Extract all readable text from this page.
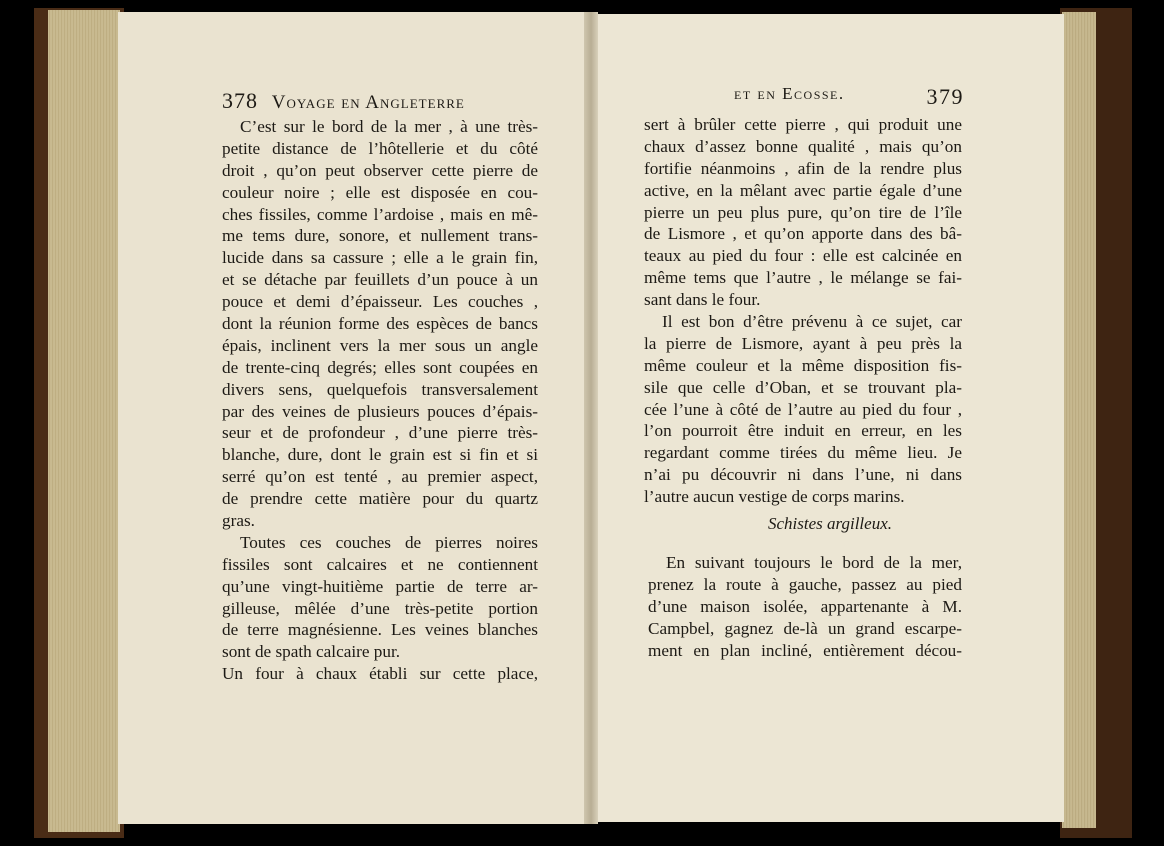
378 Voyage en Angleterre	et en Ecosse.	379
C’est sur le bord de la mer , à une très-
petite distance de l’hôtellerie et du côté
droit , qu’on peut observer cette pierre de
couleur noire ; elle est disposée en cou-
ches fissiles, comme l’ardoise , mais en mê-
me tems dure, sonore, et nullement trans-
lucide dans sa cassure ; elle a le grain fin,
et se détache par feuillets d’un pouce à un
pouce et demi d’épaisseur. Les couches ,
dont la réunion forme des espèces de bancs
épais, inclinent vers la mer sous un angle
de trente-cinq degrés; elles sont coupées en
divers sens, quelquefois transversalement
par des veines de plusieurs pouces d’épais-
seur et de profondeur , d’une pierre très-
blanche, dure, dont le grain est si fin et si
serré qu’on est tenté , au premier aspect,
de prendre cette matière pour du quartz
gras.
Toutes ces couches de pierres noires
fissiles sont calcaires et ne contiennent
qu’une vingt-huitième partie de terre ar-
gilleuse, mêlée d’une très-petite portion
de terre magnésienne. Les veines blanches
sont de spath calcaire pur.
Un four à chaux établi sur cette place,
sert à brûler cette pierre , qui produit une
chaux d’assez bonne qualité , mais qu’on
fortifie néanmoins , afin de la rendre plus
active, en la mêlant avec partie égale d’une
pierre un peu plus pure, qu’on tire de l’île
de Lismore , et qu’on apporte dans des bâ-
teaux au pied du four : elle est calcinée en
même tems que l’autre , le mélange se fai-
sant dans le four.
Il est bon d’être prévenu à ce sujet, car
la pierre de Lismore, ayant à peu près la
même couleur et la même disposition fis-
sile que celle d’Oban, et se trouvant pla-
cée l’une à côté de l’autre au pied du four ,
l’on pourroit être induit en erreur, en les
regardant comme tirées du même lieu. Je
n’ai pu découvrir ni dans l’une, ni dans
l’autre aucun vestige de corps marins.
Schistes argilleux.
En suivant toujours le bord de la mer,
prenez la route à gauche, passez au pied
d’une maison isolée, appartenante à M.
Campbel, gagnez de-là un grand escarpe-
ment en plan incliné, entièrement décou-
